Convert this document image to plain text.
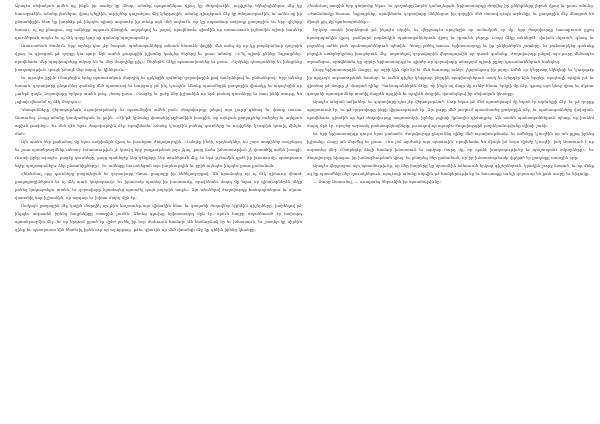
Այսպէս սեփական ամեն ոք ինքն իր տանը կը մնար, ոմանք պալատներու վրայ կը ժողովուէին, ուրիշներ եկեղեցիներու մէջ կը հաւաքուէին, ոմանք լեռներու վրայ կ'ելլէին, ուրիշներ դաշտերու մէջ կ'երթային, ոմանք գիւղերուն մէջ կը տեղաւորուէին, եւ ամեն ոք իր ընտանիքին հետ կը խորհէր թէ ինչպէս պիտի ազատէր իր անձը այն մեծ աղէտէն, որ կը սպառնար ամբողջ քաղաքին։ Եւ երբ գիշերը հասաւ, ոչ ոք քնացաւ, այլ ամենքը արթուն մնացին, աղօթելով եւ լալով, որովհետեւ գիտէին որ առաւօտուն թշնամին պիտի հասնէր դուռներուն առջեւ եւ ոչ մէկ զօրք կար որ զանոնք պաշտպանէր։

Առաւօտեան ժամուն, երբ արեւը դեռ չէր ծագած, պահապանները տեսան հեռուէն փոշիի մեծ ամպ մը որ կը բարձրանար դաշտին վրայ, եւ գիտցան թէ զօրքը կու գար։ Այն ատեն քաղաքին իշխանը կանչեց ծերերը եւ ըսաւ անոնց. «Ի՞նչ պիտի ընենք, եղբայրներ, որովհետեւ մեր պարիսպները տկար են եւ մեր մարդիկը քիչ»։ Ծերերէն մէկը պատասխանեց եւ ըսաւ. «Ղրկենք դեսպաններ եւ խնդրենք խաղաղութիւն, գուցէ խնայէ մեր տղոց եւ կիներուն»։

Եւ այսպէս ըրին։ Ընտրեցին երեք պատուական մարդիկ եւ ղրկեցին զանոնք զօրավարին քով նուէրներով եւ ընծաներով։ Երբ անոնք հասան, զօրավարը ընդունեց զանոնք մեծ պատուով եւ հարցուց թէ ինչ կ'ուզեն։ Անոնք պատմեցին քաղաքին վիճակը եւ աղաչեցին որ չաւերէ զայն։ Զօրավարը երկար ատեն լռեց, յետոյ ըսաւ. «Գացէք եւ ըսէք ձեր իշխանին որ եթէ բանայ դուռները եւ տայ ինծի տուրք, ես չպիտի վնասեմ ոչ մէկ մարդու»։

Դեսպանները վերադարձան ուրախութեամբ եւ պատմեցին ամեն բան։ Ժողովուրդը լսելով այս լուրը ցնծաց եւ փառք տուաւ Աստուծոյ։ Բայց ոմանք կասկածեցան եւ ըսին. «Մի՞թէ կրնանք վստահիլ թշնամիին խօսքին, որ այնքան քաղաքներ աւերեց եւ այնքան արիւն թափեց»։ Եւ մեծ վէճ ելաւ ժողովուրդին մէջ, որովհետեւ ոմանք կ'ուզէին բանալ դուռները եւ ուրիշներ կ'ուզէին կռուիլ մինչեւ մահ։

Այն ատեն ծեր քահանայ մը ելաւ ամբիոնին վրայ եւ խօսեցաւ ժողովուրդին. «Լսեցէք ինծի, որդեակներ, ես շատ տարիներ ապրեցայ եւ շատ պատերազմներ տեսայ։ Իմաստութիւն չէ կռուիլ երբ յաղթութեան յոյս չկայ, բայց նաեւ իմաստութիւն չէ վստահիլ ամեն խօսքի։ Ուստի ըրէք այսպէս. բացէք դուռները, բայց պահեցէք ձեր զէնքերը ձեր տուներուն մէջ, եւ եթէ թշնամին դրժէ իր խոստումը, պատրաստ եղէք պաշտպանելու ձեր ընտանիքները»։ Եւ ամենքը հաւանեցան այս խորհուրդին եւ ըրին այնպէս ինչպէս ըսաւ քահանան։

Հետեւեալ օրը դուռները բացուեցան եւ զօրավարը մտաւ քաղաքը իր հեծելազօրքով։ Ան հրամայեց որ ոչ մէկ զինուոր վնասէ քաղաքացիներուն եւ ոչ մէկ տուն կողոպտուի։ Եւ իրաւամբ պահեց իր խոստումը, որովհետեւ մարդ մը եղաւ որ զինուորներէն մէկը բռնեց կողոպտելու ատեն, եւ զօրավարը հրամայեց պատժել զայն բոլորին առջեւ։ Այս տեսնելով ժողովուրդը հանդարտեցաւ եւ սկսաւ վստահիլ նոր իշխանին, որ արդար եւ խիստ մարդ մըն էր։

Սակայն քաղաքին մէջ կային մարդիկ որ չէին հաշտուեր այս վիճակին հետ, եւ գաղտնի ժողովներ կ'ընէին գիշերները, խորհելով թէ ինչպէս ազատեն իրենց հայրենիքը օտարին լուծէն։ Անոնց գլուխը երիտասարդ մըն էր, որուն հայրը սպաննուած էր նախորդ պատերազմին մէջ, եւ որ երդում ըրած էր վրէժ լուծել իր հօր մահուան համար։ Ան համարձակ էր եւ իմաստուն, եւ շատեր կը սիրէին զինք եւ պատրաստ էին հետեւիլ իրեն ուր որ ալ երթար, թէեւ գիտէին որ մեծ վտանգի մէջ կը դնէին իրենց կեանքը։

Հետեւեալ տարին երբ գարունը եկաւ, եւ դաշտերը նորէն կանաչեցան, երիտասարդը ժողվեց իր ընկերները լերան վրայ եւ ըսաւ անոնց. «Ժամանակը հասաւ, եղբայրներ, որովհետեւ զօրավարը մեկնեցաւ իր զօրքին մեծ մասով դէպի արեւելք, եւ քաղաքին մէջ մնացած են միայն քիչ մը պահապաններ»։

Երկար ատեն խորհեցան թէ ինչպէս սկսին, եւ վերջապէս որոշեցին որ տօնական օր մը, երբ ժողովուրդը հաւաքուած ըլլայ հրապարակին վրայ, յանկարծ յարձակին պահապաններուն վրայ եւ գրաւեն բերդը։ Բայց մէկը անոնցմէ, վախէն մղուած, գնաց եւ յայտնեց ամեն բան պահապաններուն պետին։ Պետը բռնել տուաւ երիտասարդը եւ իր ընկերներէն շատերը, եւ բանտարկեց զանոնք բերդին ստորերկրեայ խուցերուն մէջ, սպասելով զօրավարին վերադարձին որ դատէ զանոնք։ Ժողովուրդը լսելով այս լուրը մեծապէս տրտմեցաւ, որովհետեւ կը սիրէր երիտասարդը եւ գիտէր որ զօրավարը անողորմ պիտի ըլլար դաւաճաններուն հանդէպ։

Բայց երիտասարդին մայրը, որ այրի կին մըն էր եւ մեծ հաւատք ունէր, չկորսնցուց իր յոյսը։ Ամեն օր կ'երթար եկեղեցի եւ կ'աղօթէր իր որդւոյն ազատութեան համար, եւ ամեն գիշեր կ'երթար բերդին պարիսպներուն տակ եւ կ'երգէր հին երգեր, որպէսզի որդին լսէ եւ գիտնայ թէ մայրը չէ մոռցած զինք։ Պահապաններէն մէկը, որ ինքն ալ մայր մը ունէր հեռու երկրի մը մէջ, գթաց այս կնոջ վրայ եւ սկսաւ գաղտնի պատգամներ տանիլ մայրէն որդիին եւ որդիէն մայրին, վտանգելով իր սեփական կեանքը։

Այսպէս անցան ամիսներ, եւ զօրավարը դեռ չէր վերադարձած։ Լուր եկաւ թէ մեծ պատերազմ մը եղած էր արեւելքի մէջ, եւ թէ զօրքը պարտուած էր, եւ թէ զօրավարը ինքը վիրաւորուած էր։ Այս լուրը մեծ յուզում պատճառեց քաղաքին մէջ, եւ պահապանները վախցան, որովհետեւ գիտէին որ եթէ ժողովուրդը ապստամբի, իրենք չպիտի կրնային դիմադրել։ Այն ատեն պահապաններուն պետը, որ խոհեմ մարդ մըն էր, որոշեց ազատել բանտարկեալները, յուսալով որ այսպէս ժողովուրդին բարեկամութիւնը պիտի շահի։

Եւ երբ երիտասարդը դուրս ելաւ բանտէն, ժողովուրդը ընդունեց զինք մեծ ուրախութեամբ, եւ ամենքը կ'ուզէին որ ան ըլլայ իրենց իշխանը։ Բայց ան մերժեց եւ ըսաւ. «Ես չեմ արժանի այս պատուին, որովհետեւ ես միայն իմ հօրս վրէժը կ'ուզէի, իսկ Աստուած է որ ազատեց մեզ։ Ընտրեցէք ձեզի համար իմաստուն եւ արդար մարդ մը, որ պահէ խաղաղութիւնը եւ պաշտպանէ տկարները»։ Եւ ժողովուրդը հիացաւ իր խոնարհութեան վրայ, եւ ընտրեց ծեր քահանան, որ իր իմաստութեամբ փրկած էր քաղաքը առաջին օրը։

Այսպէս վերջացաւ այս պատմութիւնը, որ մեր հայրերը կը պատմէին ձմեռուան երկար գիշերներուն, կրակին շուրջ նստած, եւ որ մենք ալ կը պատմենք մեր զաւակներուն, որպէսզի անոնք սորվին թէ համբերութիւնը եւ հաւատքը աւելի զօրաւոր են քան սուրը եւ նիզակը։

— Փառք Աստուծոյ, — աւարտեց ծերունին իր պատմութիւնը։
